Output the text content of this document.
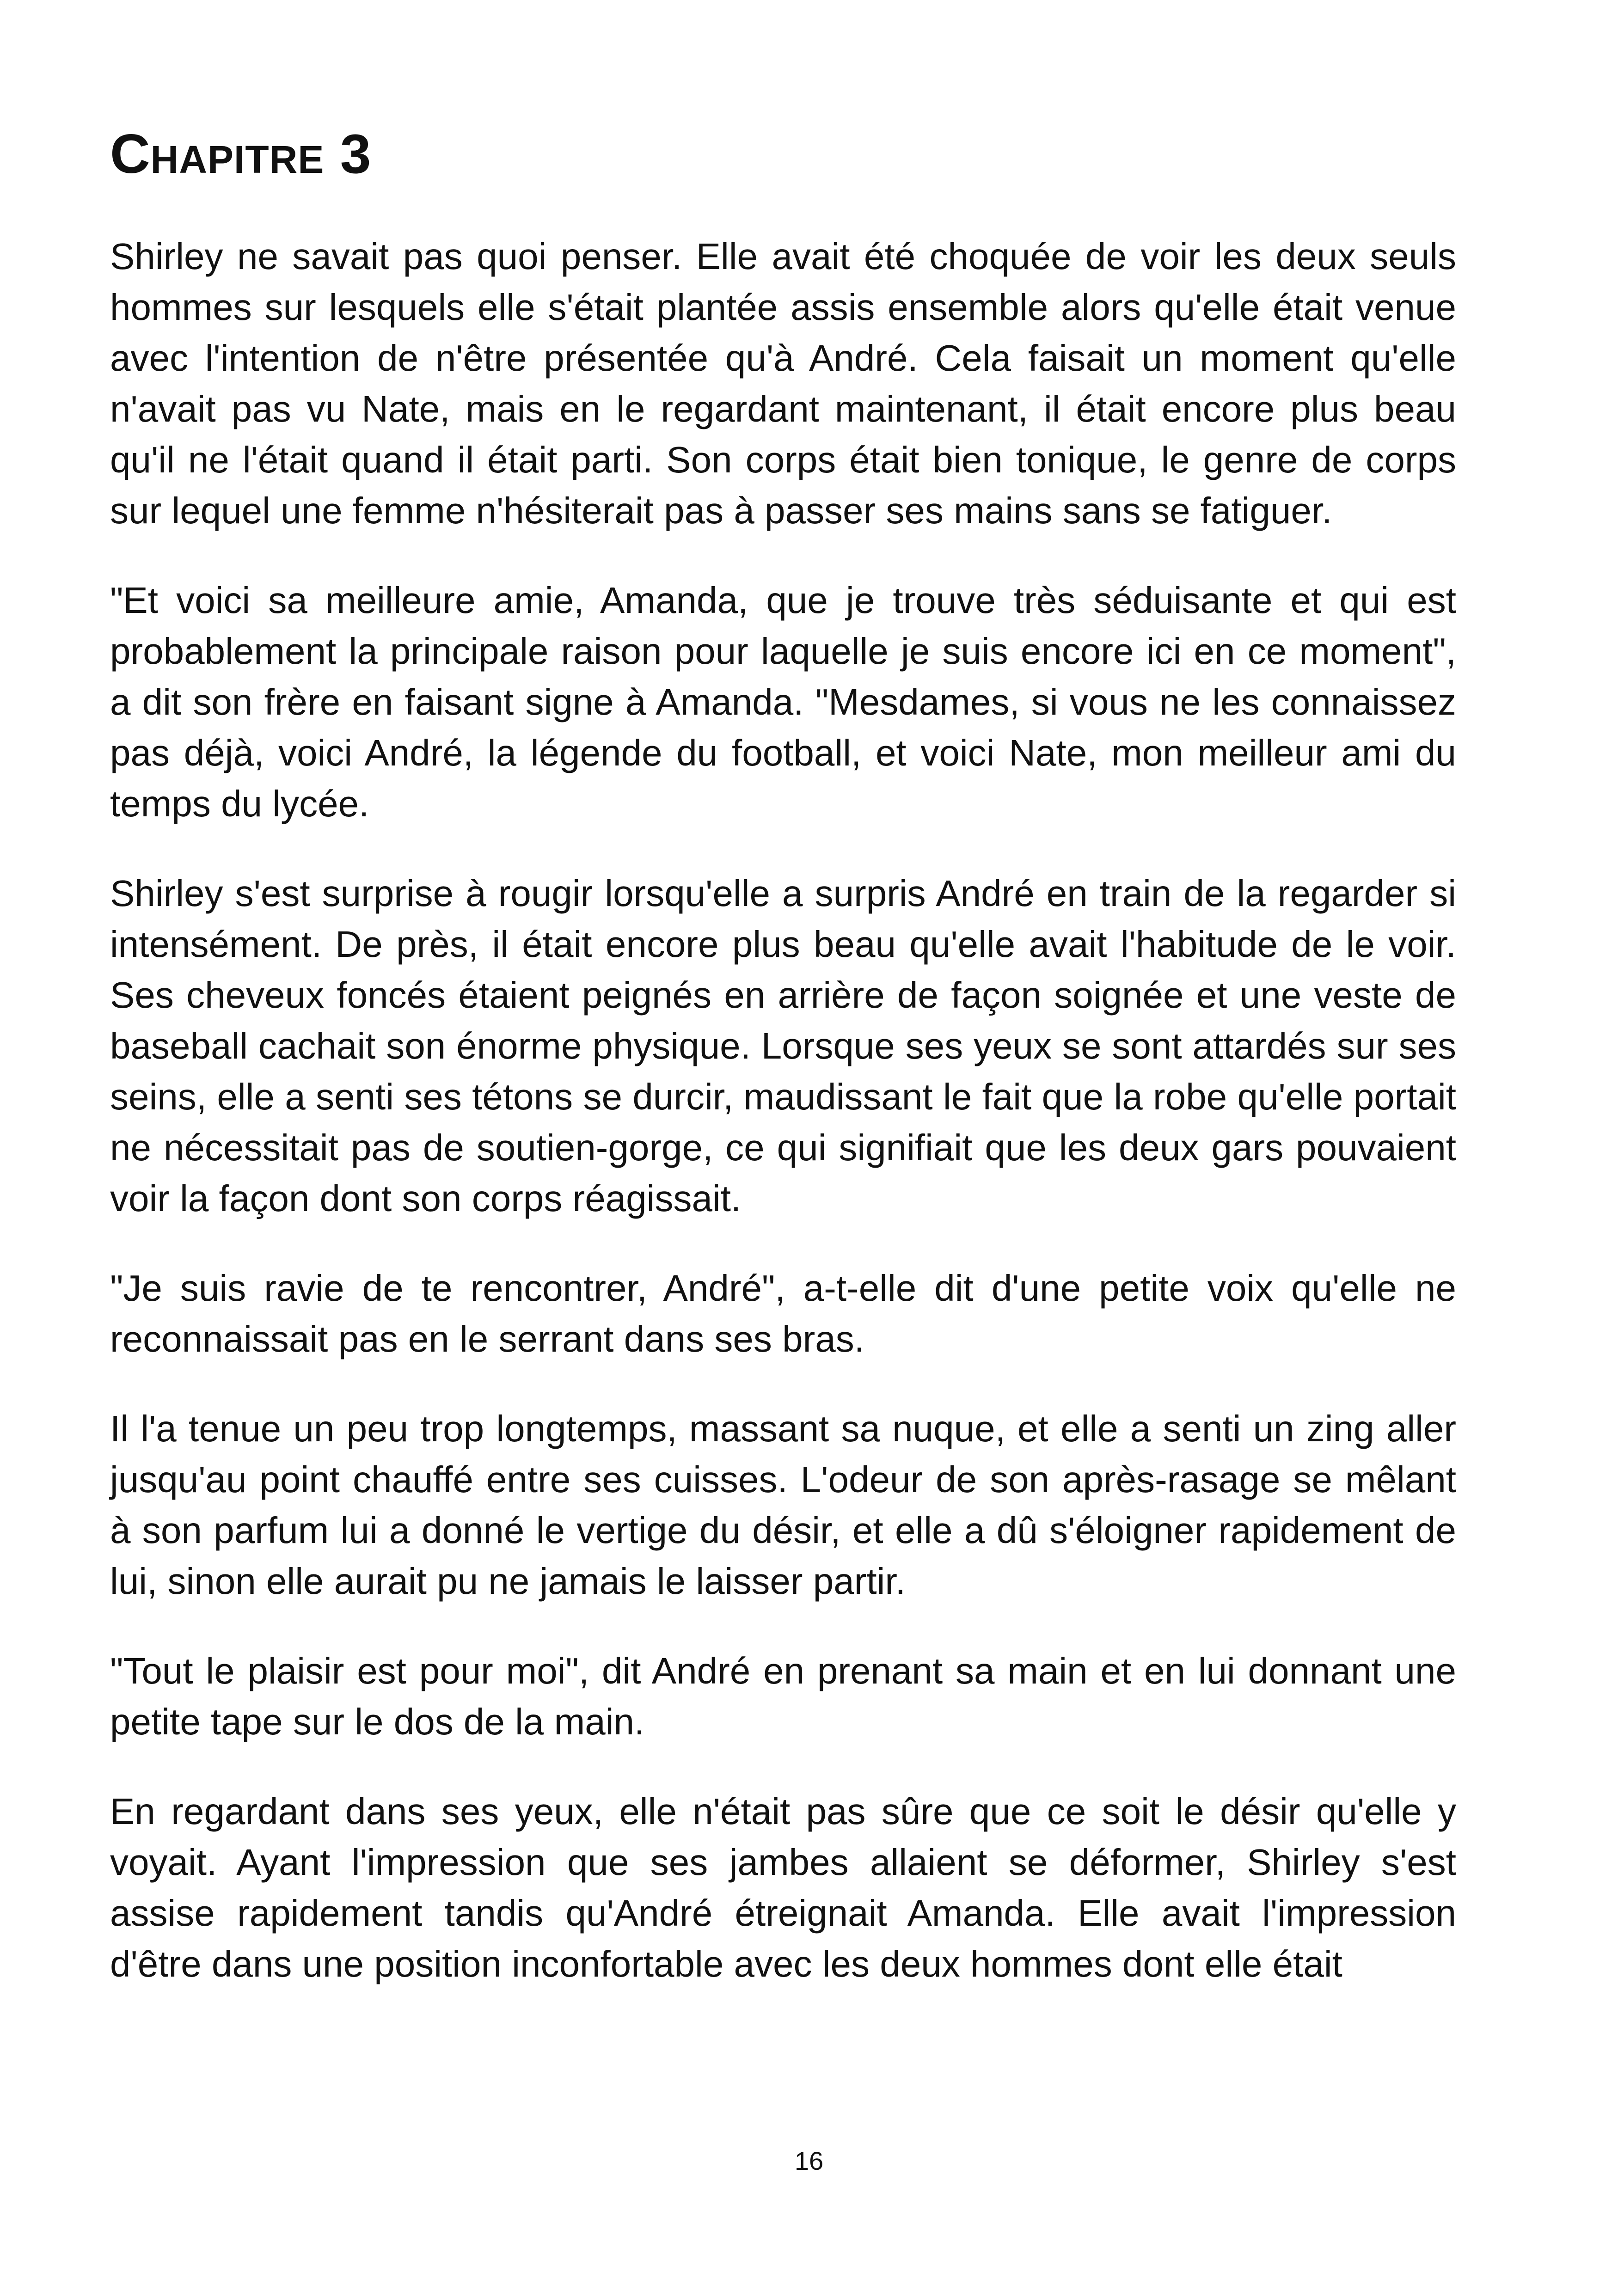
Chapitre 3

Shirley ne savait pas quoi penser. Elle avait été choquée de voir les deux seuls hommes sur lesquels elle s'était plantée assis ensemble alors qu'elle était venue avec l'intention de n'être présentée qu'à André. Cela faisait un moment qu'elle n'avait pas vu Nate, mais en le regardant maintenant, il était encore plus beau qu'il ne l'était quand il était parti. Son corps était bien tonique, le genre de corps sur lequel une femme n'hésiterait pas à passer ses mains sans se fatiguer.

"Et voici sa meilleure amie, Amanda, que je trouve très séduisante et qui est probablement la principale raison pour laquelle je suis encore ici en ce moment", a dit son frère en faisant signe à Amanda. "Mesdames, si vous ne les connaissez pas déjà, voici André, la légende du football, et voici Nate, mon meilleur ami du temps du lycée.

Shirley s'est surprise à rougir lorsqu'elle a surpris André en train de la regarder si intensément. De près, il était encore plus beau qu'elle avait l'habitude de le voir. Ses cheveux foncés étaient peignés en arrière de façon soignée et une veste de baseball cachait son énorme physique. Lorsque ses yeux se sont attardés sur ses seins, elle a senti ses tétons se durcir, maudissant le fait que la robe qu'elle portait ne nécessitait pas de soutien-gorge, ce qui signifiait que les deux gars pouvaient voir la façon dont son corps réagissait.

"Je suis ravie de te rencontrer, André", a-t-elle dit d'une petite voix qu'elle ne reconnaissait pas en le serrant dans ses bras.

Il l'a tenue un peu trop longtemps, massant sa nuque, et elle a senti un zing aller jusqu'au point chauffé entre ses cuisses. L'odeur de son après-rasage se mêlant à son parfum lui a donné le vertige du désir, et elle a dû s'éloigner rapidement de lui, sinon elle aurait pu ne jamais le laisser partir.

"Tout le plaisir est pour moi", dit André en prenant sa main et en lui donnant une petite tape sur le dos de la main.

En regardant dans ses yeux, elle n'était pas sûre que ce soit le désir qu'elle y voyait. Ayant l'impression que ses jambes allaient se déformer, Shirley s'est assise rapidement tandis qu'André étreignait Amanda. Elle avait l'impression d'être dans une position inconfortable avec les deux hommes dont elle était

16
